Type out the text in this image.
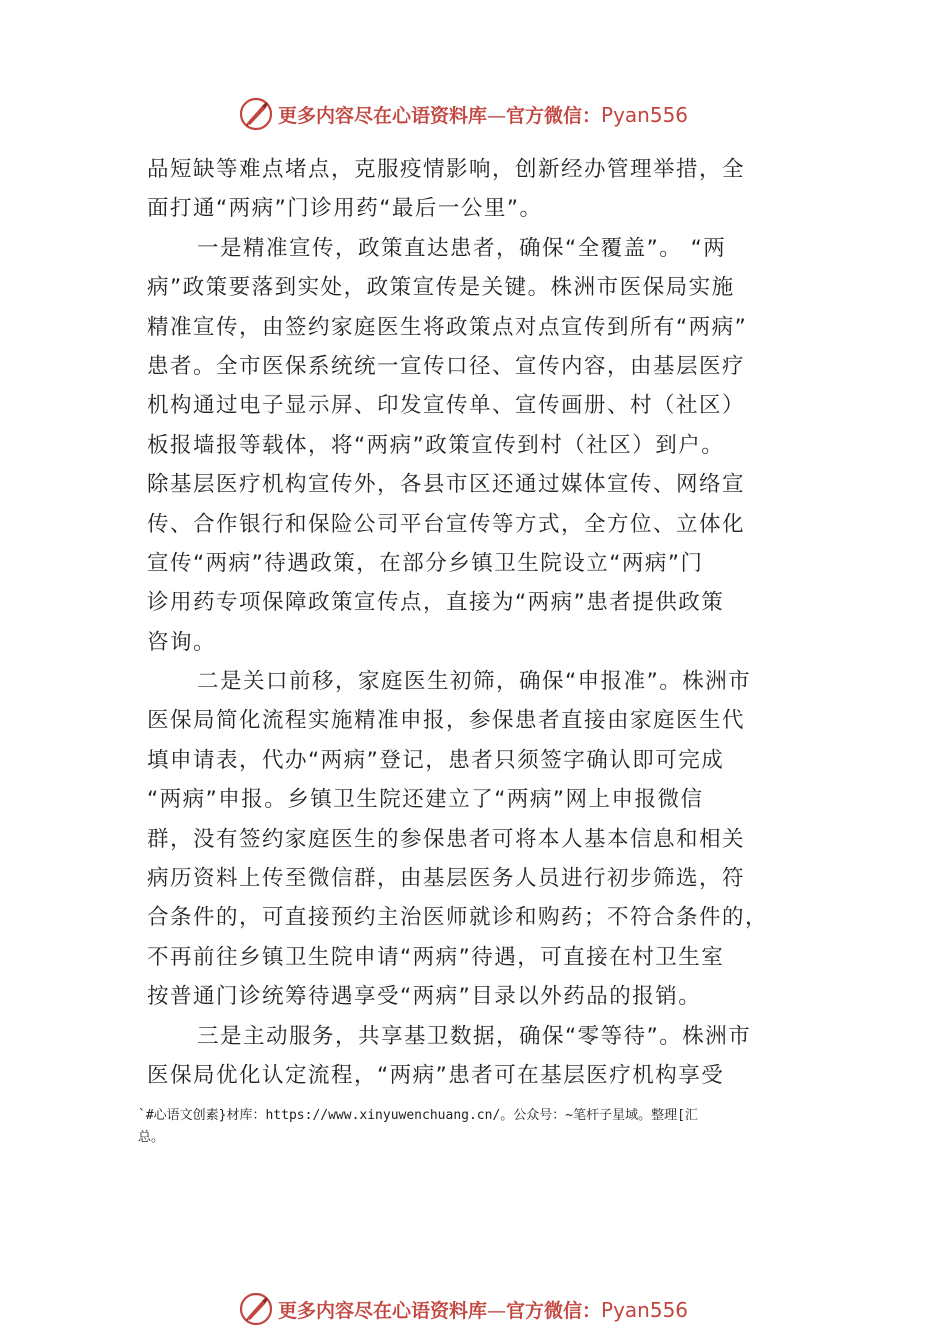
更多内容尽在心语资料库—官方微信：Pyan556
品短缺等难点堵点，克服疫情影响，创新经办管理举措，全
面打通“两病”门诊用药“最后一公里”。
一是精准宣传，政策直达患者，确保“全覆盖”。 “两
病”政策要落到实处，政策宣传是关键。株洲市医保局实施
精准宣传，由签约家庭医生将政策点对点宣传到所有“两病”
患者。全市医保系统统一宣传口径、宣传内容，由基层医疗
机构通过电子显示屏、印发宣传单、宣传画册、村（社区）
板报墙报等载体，将“两病”政策宣传到村（社区）到户。
除基层医疗机构宣传外，各县市区还通过媒体宣传、网络宣
传、合作银行和保险公司平台宣传等方式，全方位、立体化
宣传“两病”待遇政策，在部分乡镇卫生院设立“两病”门
诊用药专项保障政策宣传点，直接为“两病”患者提供政策
咨询。
二是关口前移，家庭医生初筛，确保“申报准”。株洲市
医保局简化流程实施精准申报，参保患者直接由家庭医生代
填申请表，代办“两病”登记，患者只须签字确认即可完成
“两病”申报。乡镇卫生院还建立了“两病”网上申报微信
群，没有签约家庭医生的参保患者可将本人基本信息和相关
病历资料上传至微信群，由基层医务人员进行初步筛选，符
合条件的，可直接预约主治医师就诊和购药；不符合条件的，
不再前往乡镇卫生院申请“两病”待遇，可直接在村卫生室
按普通门诊统筹待遇享受“两病”目录以外药品的报销。
三是主动服务，共享基卫数据，确保“零等待”。株洲市
医保局优化认定流程，“两病”患者可在基层医疗机构享受
`#心语文创素}材库：https://www.xinyuwenchuang.cn/。公众号：~笔杆子星域。整理[汇
总。
更多内容尽在心语资料库—官方微信：Pyan556
